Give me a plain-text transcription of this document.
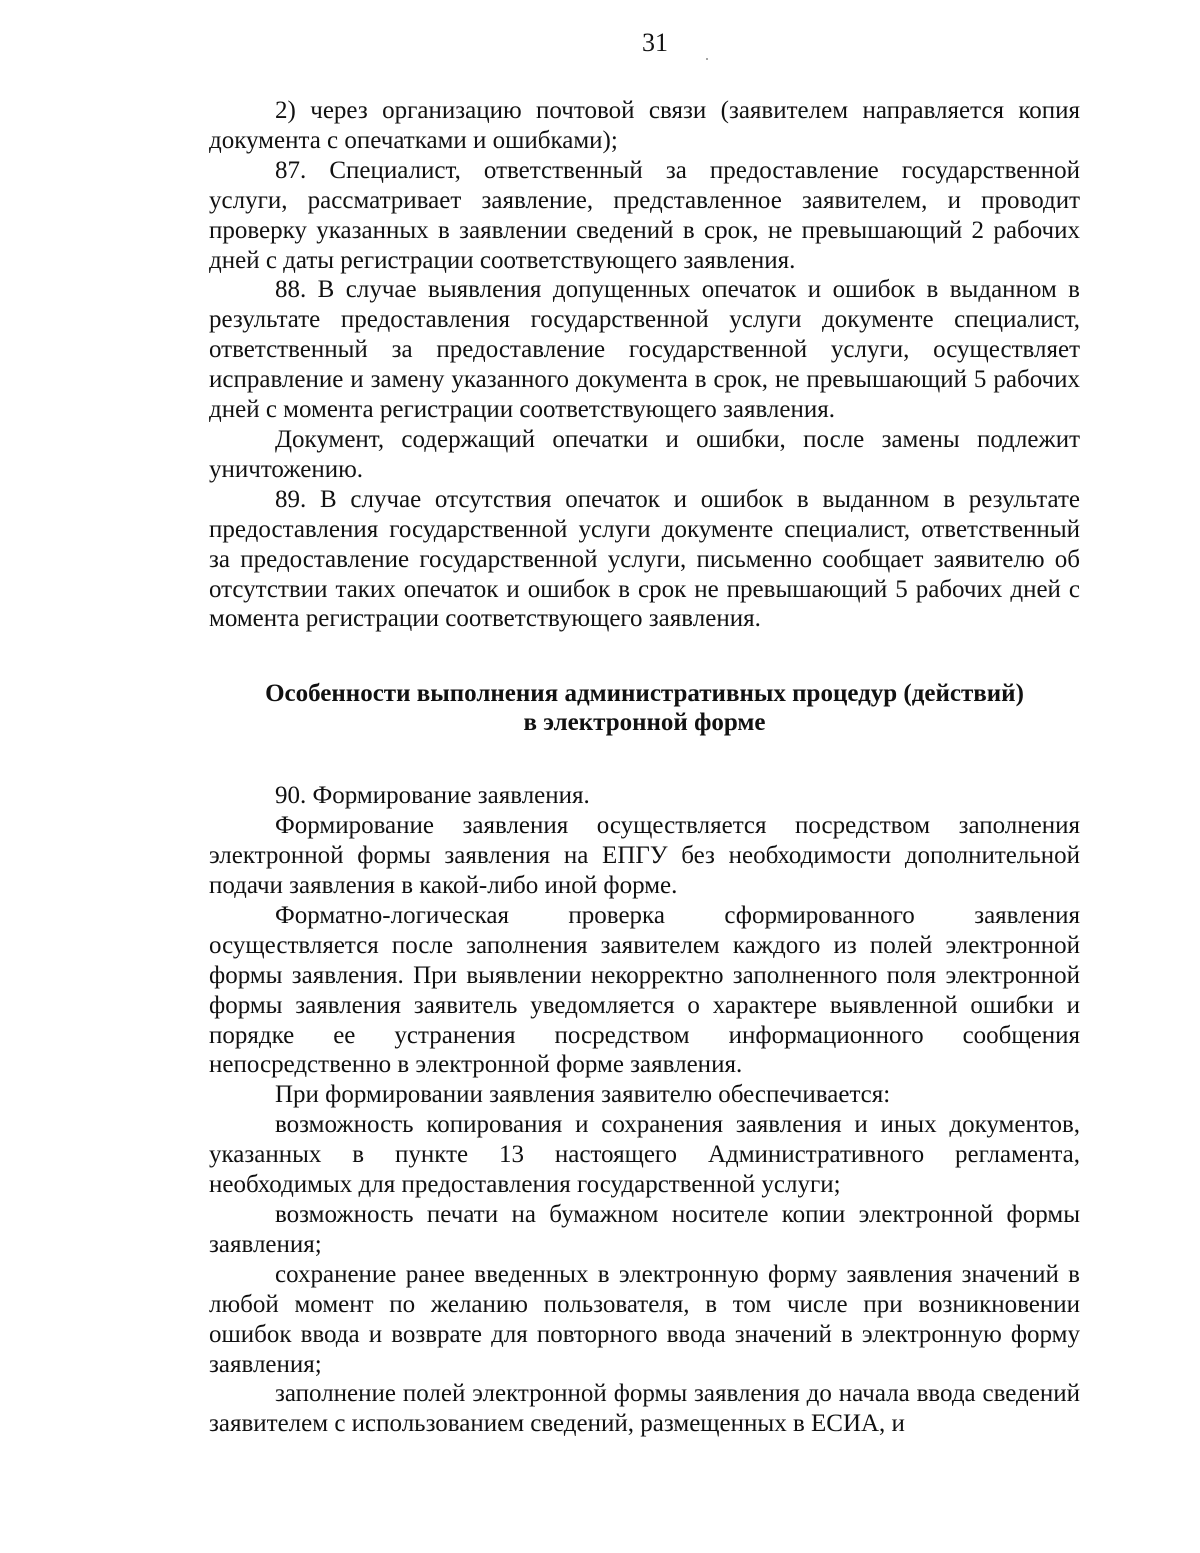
31

2) через организацию почтовой связи (заявителем направляется копия документа с опечатками и ошибками);

87. Специалист, ответственный за предоставление государственной услуги, рассматривает заявление, представленное заявителем, и проводит проверку указанных в заявлении сведений в срок, не превышающий 2 рабочих дней с даты регистрации соответствующего заявления.

88. В случае выявления допущенных опечаток и ошибок в выданном в результате предоставления государственной услуги документе специалист, ответственный за предоставление государственной услуги, осуществляет исправление и замену указанного документа в срок, не превышающий 5 рабочих дней с момента регистрации соответствующего заявления.

Документ, содержащий опечатки и ошибки, после замены подлежит уничтожению.

89. В случае отсутствия опечаток и ошибок в выданном в результате предоставления государственной услуги документе специалист, ответственный за предоставление государственной услуги, письменно сообщает заявителю об отсутствии таких опечаток и ошибок в срок не превышающий 5 рабочих дней с момента регистрации соответствующего заявления.

Особенности выполнения административных процедур (действий)
в электронной форме

90. Формирование заявления.

Формирование заявления осуществляется посредством заполнения электронной формы заявления на ЕПГУ без необходимости дополнительной подачи заявления в какой-либо иной форме.

Форматно-логическая проверка сформированного заявления осуществляется после заполнения заявителем каждого из полей электронной формы заявления. При выявлении некорректно заполненного поля электронной формы заявления заявитель уведомляется о характере выявленной ошибки и порядке ее устранения посредством информационного сообщения непосредственно в электронной форме заявления.

При формировании заявления заявителю обеспечивается:

возможность копирования и сохранения заявления и иных документов, указанных в пункте 13 настоящего Административного регламента, необходимых для предоставления государственной услуги;

возможность печати на бумажном носителе копии электронной формы заявления;

сохранение ранее введенных в электронную форму заявления значений в любой момент по желанию пользователя, в том числе при возникновении ошибок ввода и возврате для повторного ввода значений в электронную форму заявления;

заполнение полей электронной формы заявления до начала ввода сведений заявителем с использованием сведений, размещенных в ЕСИА, и
